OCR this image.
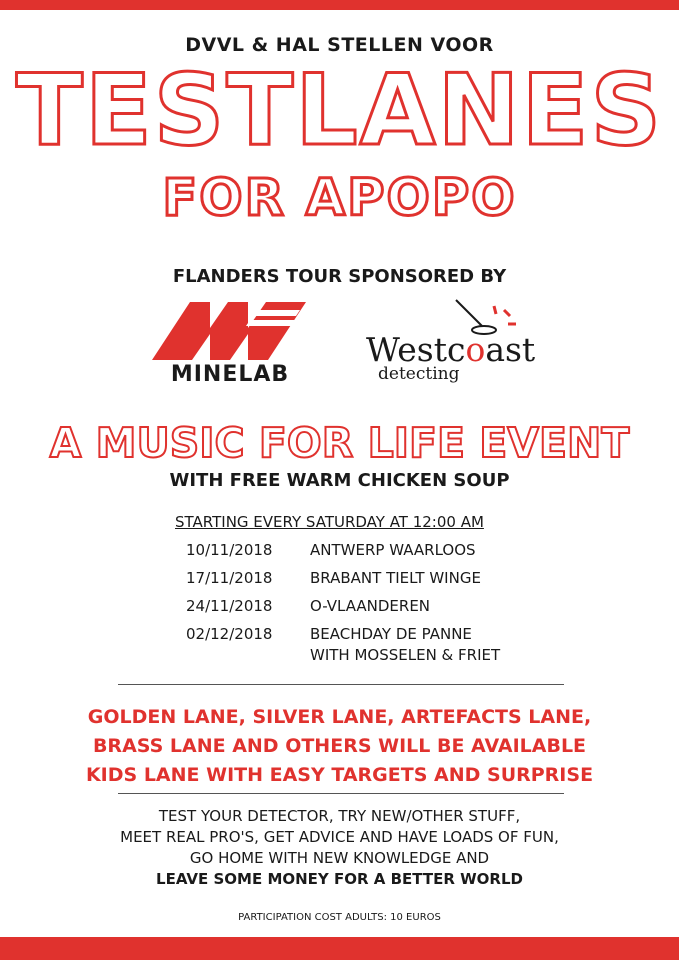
DVVL & HAL STELLEN VOOR
TESTLANES
FOR APOPO
FLANDERS TOUR SPONSORED BY
MINELAB
Westcoast
detecting
A MUSIC FOR LIFE EVENT
WITH FREE WARM CHICKEN SOUP
STARTING EVERY SATURDAY AT 12:00 AM
10/11/2018	ANTWERP WAARLOOS
17/11/2018	BRABANT TIELT WINGE
24/11/2018	O-VLAANDEREN
02/12/2018	BEACHDAY DE PANNE
WITH MOSSELEN & FRIET
GOLDEN LANE, SILVER LANE, ARTEFACTS LANE,
BRASS LANE AND OTHERS WILL BE AVAILABLE
KIDS LANE WITH EASY TARGETS AND SURPRISE
TEST YOUR DETECTOR, TRY NEW/OTHER STUFF,
MEET REAL PRO'S, GET ADVICE AND HAVE LOADS OF FUN,
GO HOME WITH NEW KNOWLEDGE AND
LEAVE SOME MONEY FOR A BETTER WORLD
PARTICIPATION COST ADULTS: 10 EUROS
